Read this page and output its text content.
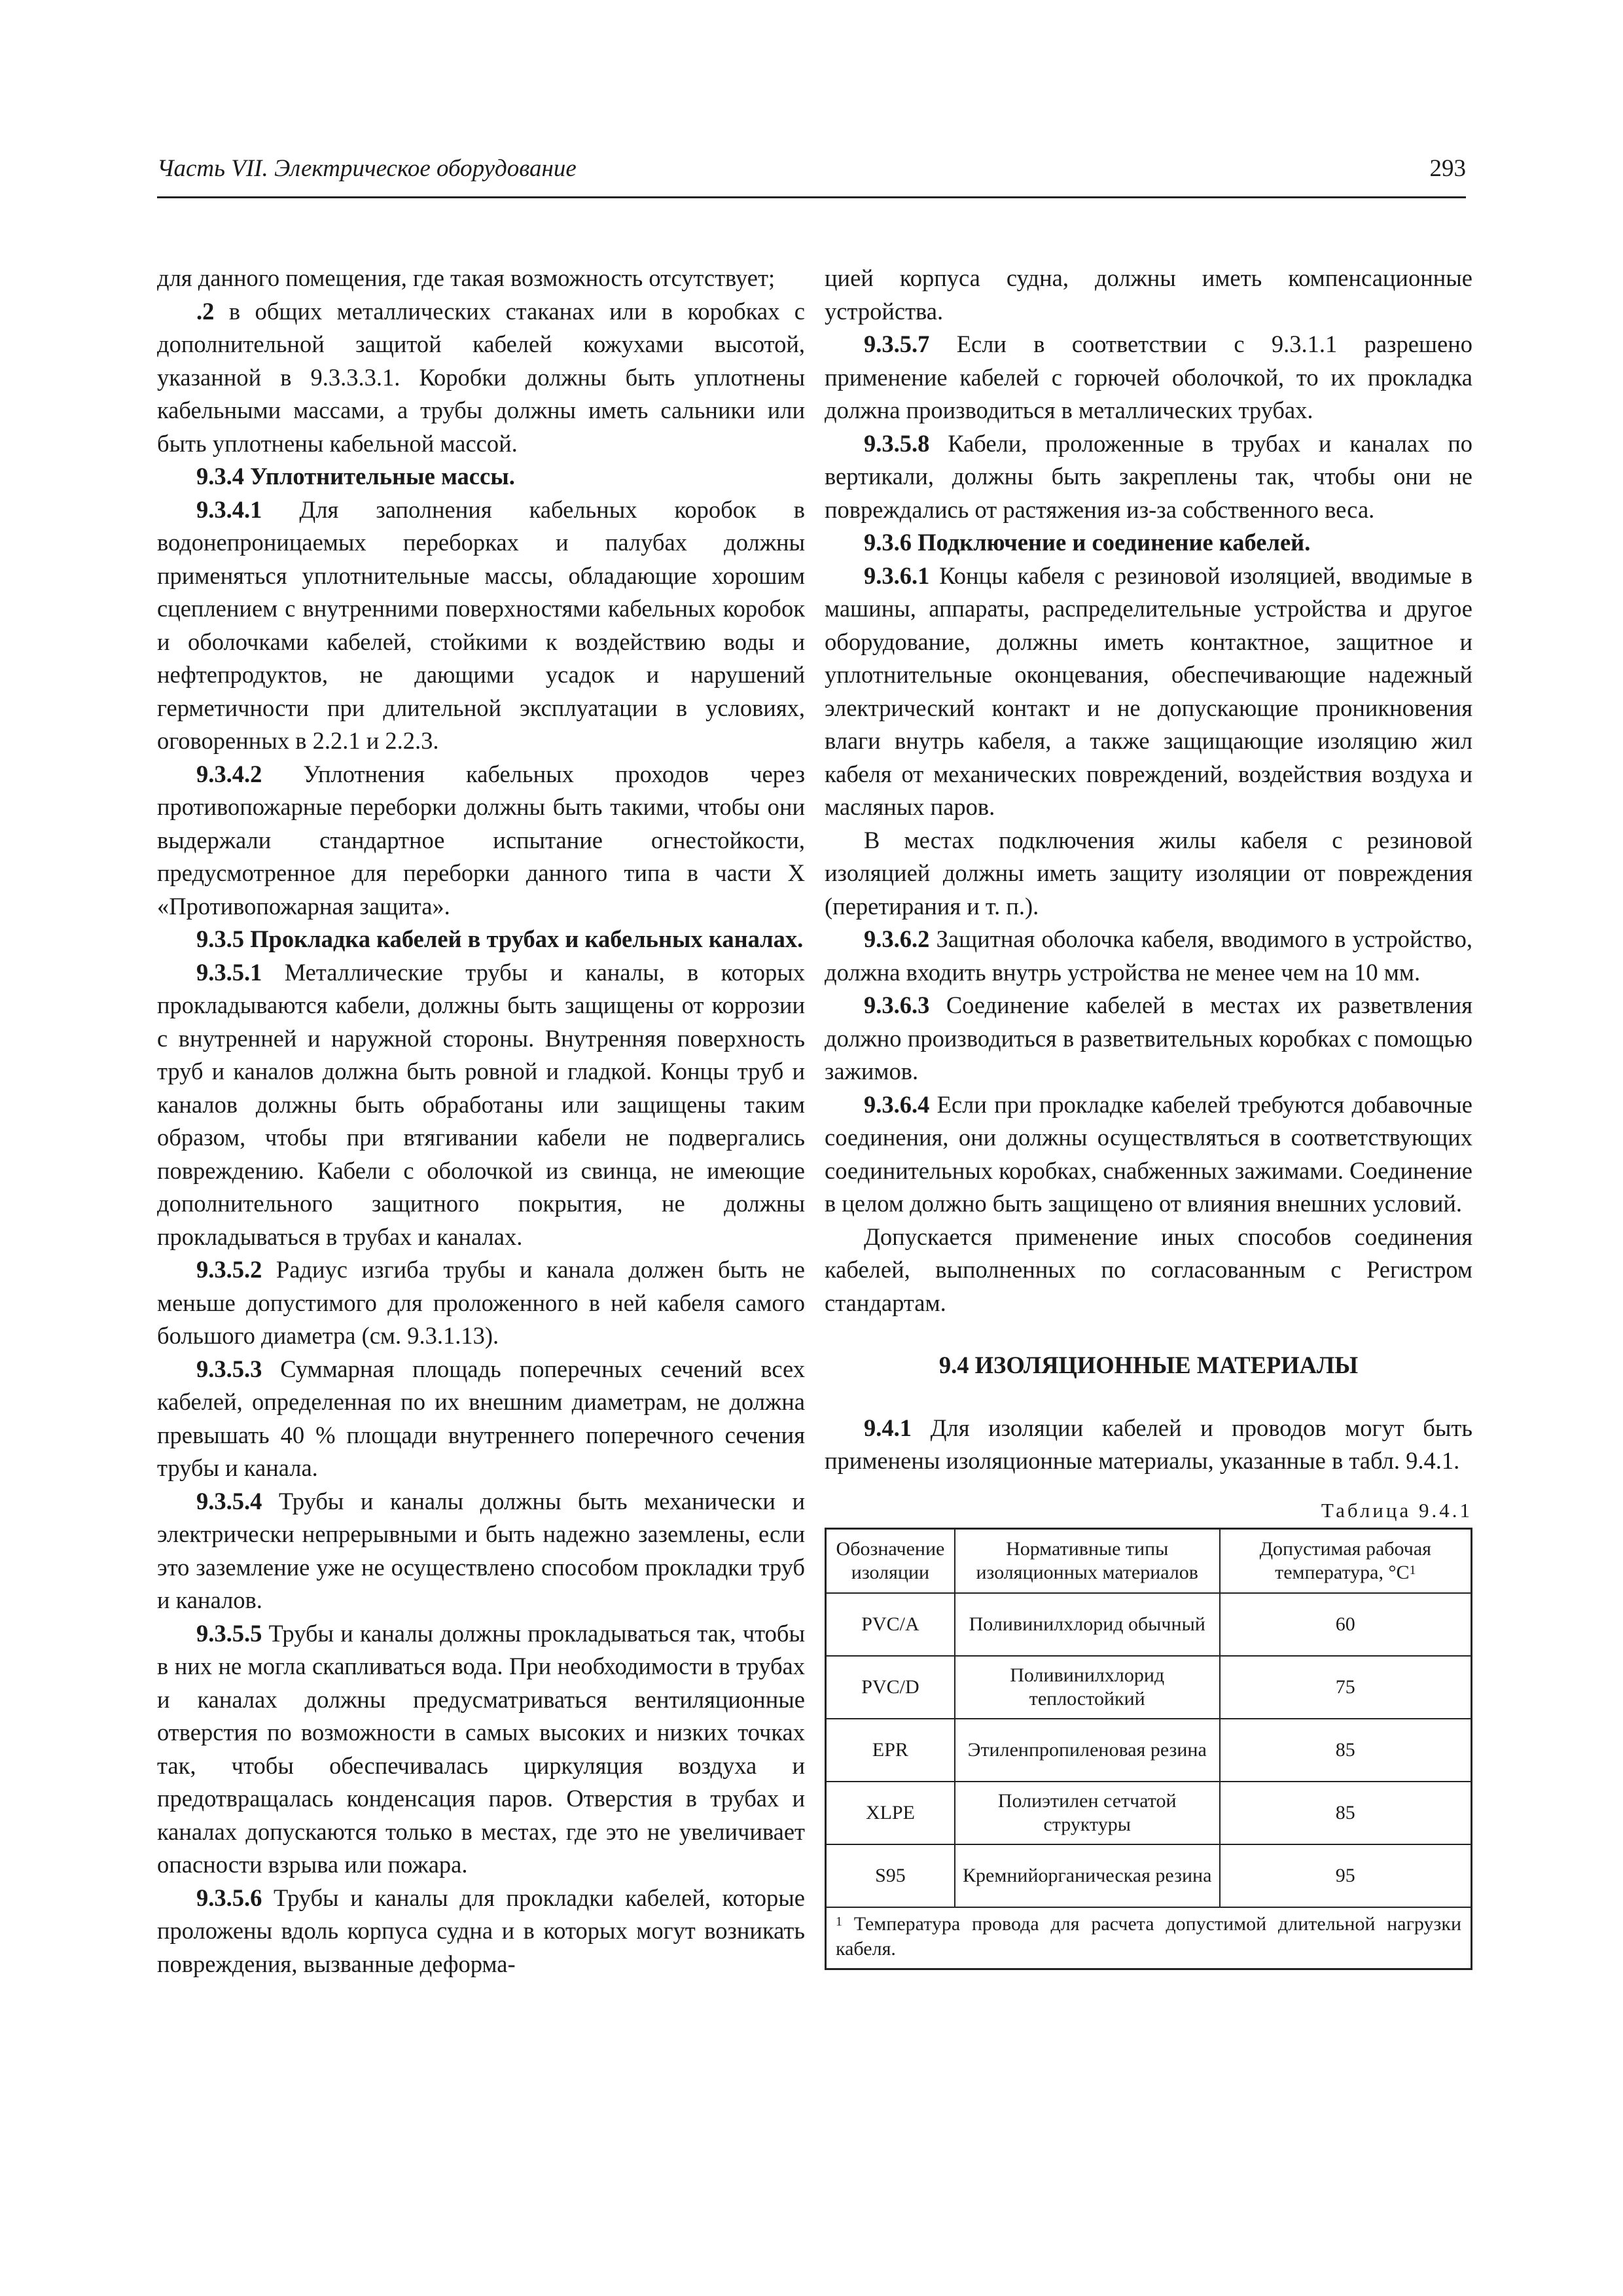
Часть VII. Электрическое оборудование	293

для данного помещения, где такая возможность отсутствует;

.2 в общих металлических стаканах или в коробках с дополнительной защитой кабелей кожухами высотой, указанной в 9.3.3.3.1. Коробки должны быть уплотнены кабельными массами, а трубы должны иметь сальники или быть уплотнены кабельной массой.

9.3.4 Уплотнительные массы.

9.3.4.1 Для заполнения кабельных коробок в водонепроницаемых переборках и палубах должны применяться уплотнительные массы, обладающие хорошим сцеплением с внутренними поверхностями кабельных коробок и оболочками кабелей, стойкими к воздействию воды и нефтепродуктов, не дающими усадок и нарушений герметичности при длительной эксплуатации в условиях, оговоренных в 2.2.1 и 2.2.3.

9.3.4.2 Уплотнения кабельных проходов через противопожарные переборки должны быть такими, чтобы они выдержали стандартное испытание огнестойкости, предусмотренное для переборки данного типа в части X «Противопожарная защита».

9.3.5 Прокладка кабелей в трубах и кабельных каналах.

9.3.5.1 Металлические трубы и каналы, в которых прокладываются кабели, должны быть защищены от коррозии с внутренней и наружной стороны. Внутренняя поверхность труб и каналов должна быть ровной и гладкой. Концы труб и каналов должны быть обработаны или защищены таким образом, чтобы при втягивании кабели не подвергались повреждению. Кабели с оболочкой из свинца, не имеющие дополнительного защитного покрытия, не должны прокладываться в трубах и каналах.

9.3.5.2 Радиус изгиба трубы и канала должен быть не меньше допустимого для проложенного в ней кабеля самого большого диаметра (см. 9.3.1.13).

9.3.5.3 Суммарная площадь поперечных сечений всех кабелей, определенная по их внешним диаметрам, не должна превышать 40 % площади внутреннего поперечного сечения трубы и канала.

9.3.5.4 Трубы и каналы должны быть механически и электрически непрерывными и быть надежно заземлены, если это заземление уже не осуществлено способом прокладки труб и каналов.

9.3.5.5 Трубы и каналы должны прокладываться так, чтобы в них не могла скапливаться вода. При необходимости в трубах и каналах должны предусматриваться вентиляционные отверстия по возможности в самых высоких и низких точках так, чтобы обеспечивалась циркуляция воздуха и предотвращалась конденсация паров. Отверстия в трубах и каналах допускаются только в местах, где это не увеличивает опасности взрыва или пожара.

9.3.5.6 Трубы и каналы для прокладки кабелей, которые проложены вдоль корпуса судна и в которых могут возникать повреждения, вызванные деформа-

цией корпуса судна, должны иметь компенсационные устройства.

9.3.5.7 Если в соответствии с 9.3.1.1 разрешено применение кабелей с горючей оболочкой, то их прокладка должна производиться в металлических трубах.

9.3.5.8 Кабели, проложенные в трубах и каналах по вертикали, должны быть закреплены так, чтобы они не повреждались от растяжения из-за собственного веса.

9.3.6 Подключение и соединение кабелей.

9.3.6.1 Концы кабеля с резиновой изоляцией, вводимые в машины, аппараты, распределительные устройства и другое оборудование, должны иметь контактное, защитное и уплотнительные оконцевания, обеспечивающие надежный электрический контакт и не допускающие проникновения влаги внутрь кабеля, а также защищающие изоляцию жил кабеля от механических повреждений, воздействия воздуха и масляных паров.

В местах подключения жилы кабеля с резиновой изоляцией должны иметь защиту изоляции от повреждения (перетирания и т. п.).

9.3.6.2 Защитная оболочка кабеля, вводимого в устройство, должна входить внутрь устройства не менее чем на 10 мм.

9.3.6.3 Соединение кабелей в местах их разветвления должно производиться в разветвительных коробках с помощью зажимов.

9.3.6.4 Если при прокладке кабелей требуются добавочные соединения, они должны осуществляться в соответствующих соединительных коробках, снабженных зажимами. Соединение в целом должно быть защищено от влияния внешних условий.

Допускается применение иных способов соединения кабелей, выполненных по согласованным с Регистром стандартам.

9.4 ИЗОЛЯЦИОННЫЕ МАТЕРИАЛЫ

9.4.1 Для изоляции кабелей и проводов могут быть применены изоляционные материалы, указанные в табл. 9.4.1.

Таблица 9.4.1
Обозначение изоляции	Нормативные типы изоляционных материалов	Допустимая рабочая температура, $^\circ С^1$
PVC/A	Поливинилхлорид обычный	60
PVC/D	Поливинилхлорид теплостойкий	75
EPR	Этиленпропиленовая резина	85
XLPE	Полиэтилен сетчатой структуры	85
S95	Кремнийорганическая резина	95
$^1$ Температура провода для расчета допустимой длительной нагрузки кабеля.		
